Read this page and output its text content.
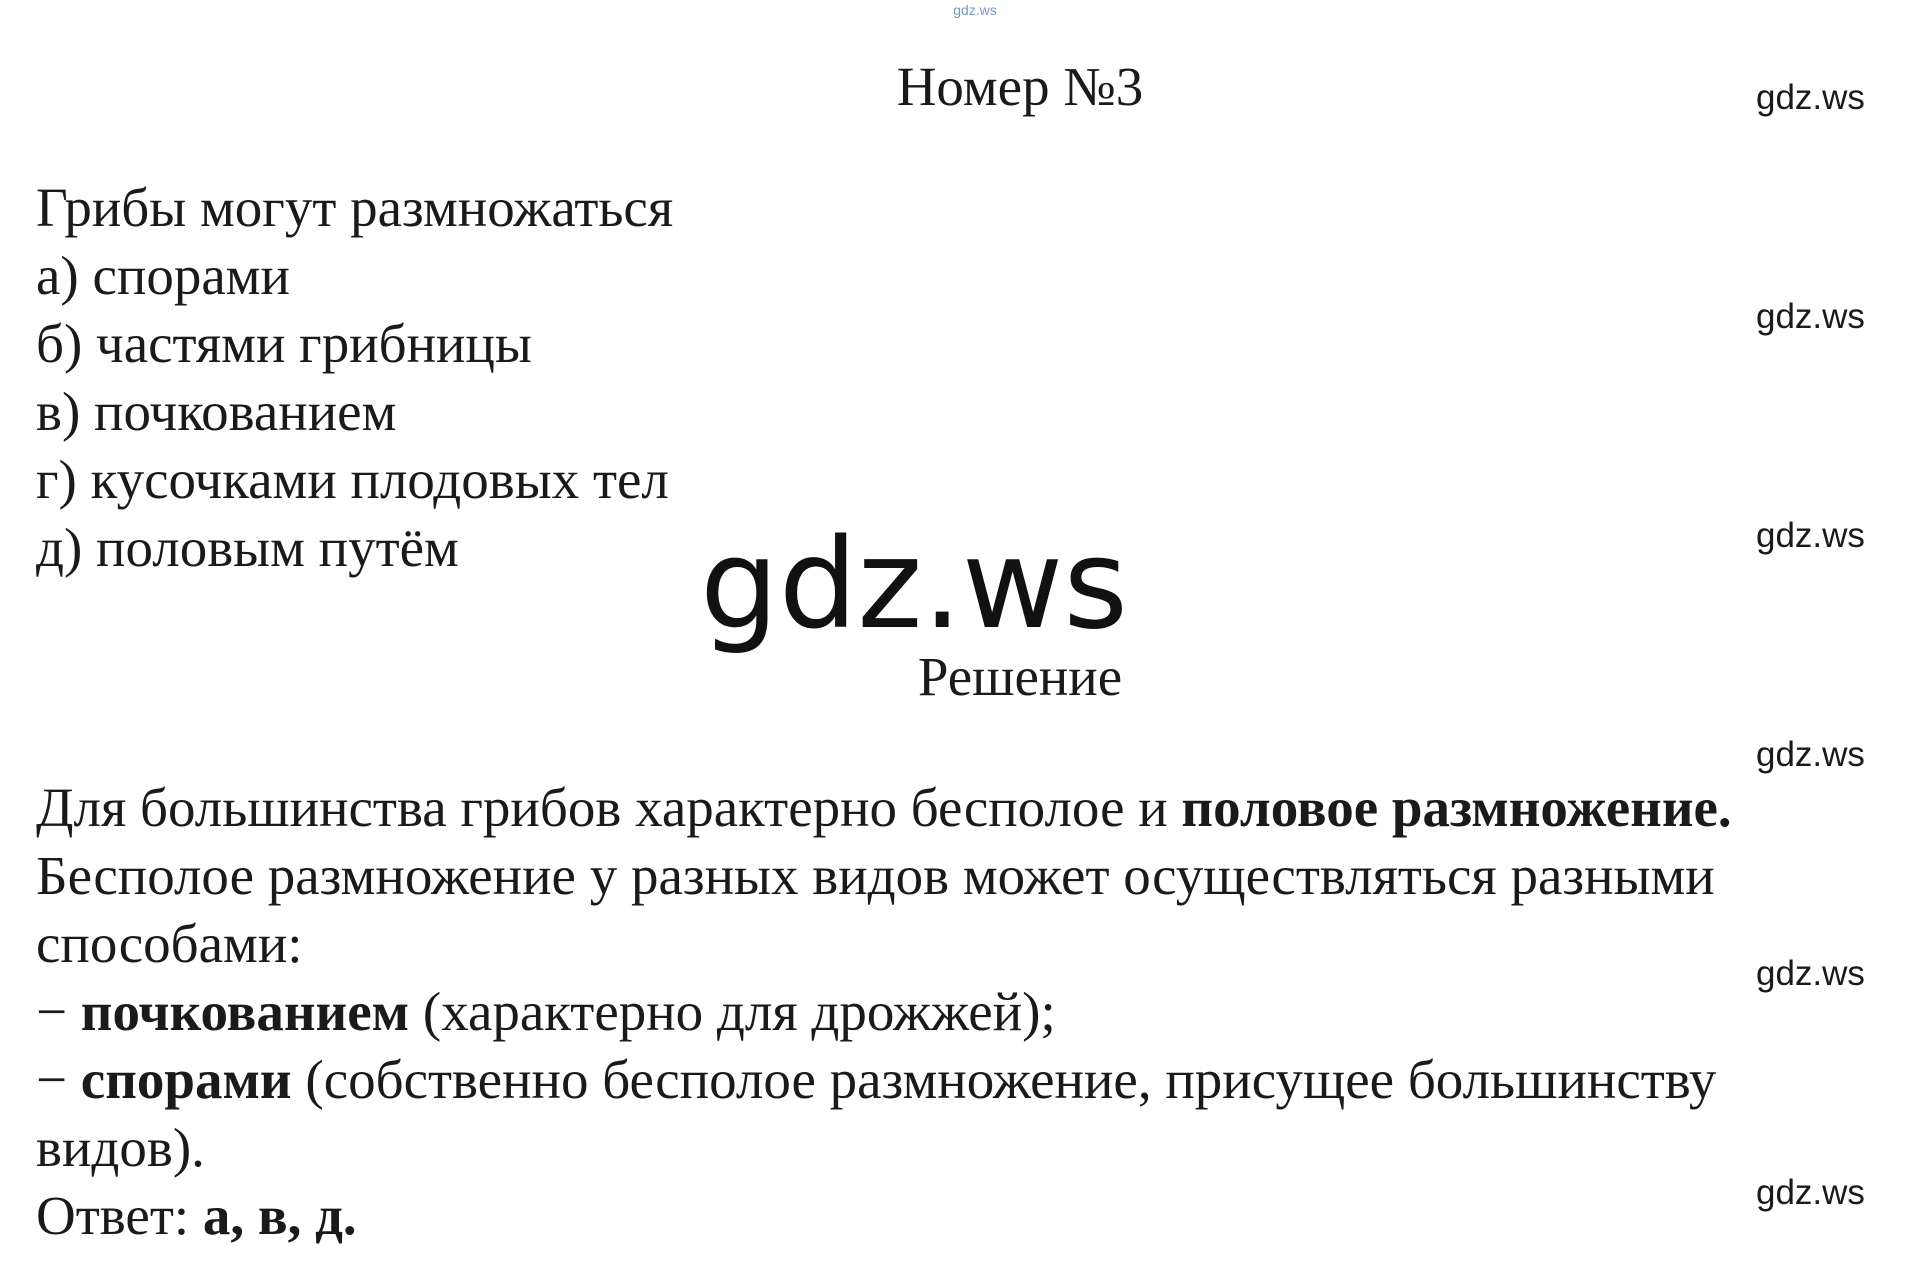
gdz.ws
Номер №3	gdz.ws
gdz.ws
gdz.ws
gdz.ws
gdz.ws
gdz.ws
Грибы могут размножаться
а) спорами
б) частями грибницы
в) почкованием
г) кусочками плодовых тел
д) половым путём	gdz.ws
Решение
Для большинства грибов характерно бесполое и половое размножение.
Бесполое размножение у разных видов может осуществляться разными
способами:
− почкованием (характерно для дрожжей);
− спорами (собственно бесполое размножение, присущее большинству
видов).
Ответ: а, в, д.
